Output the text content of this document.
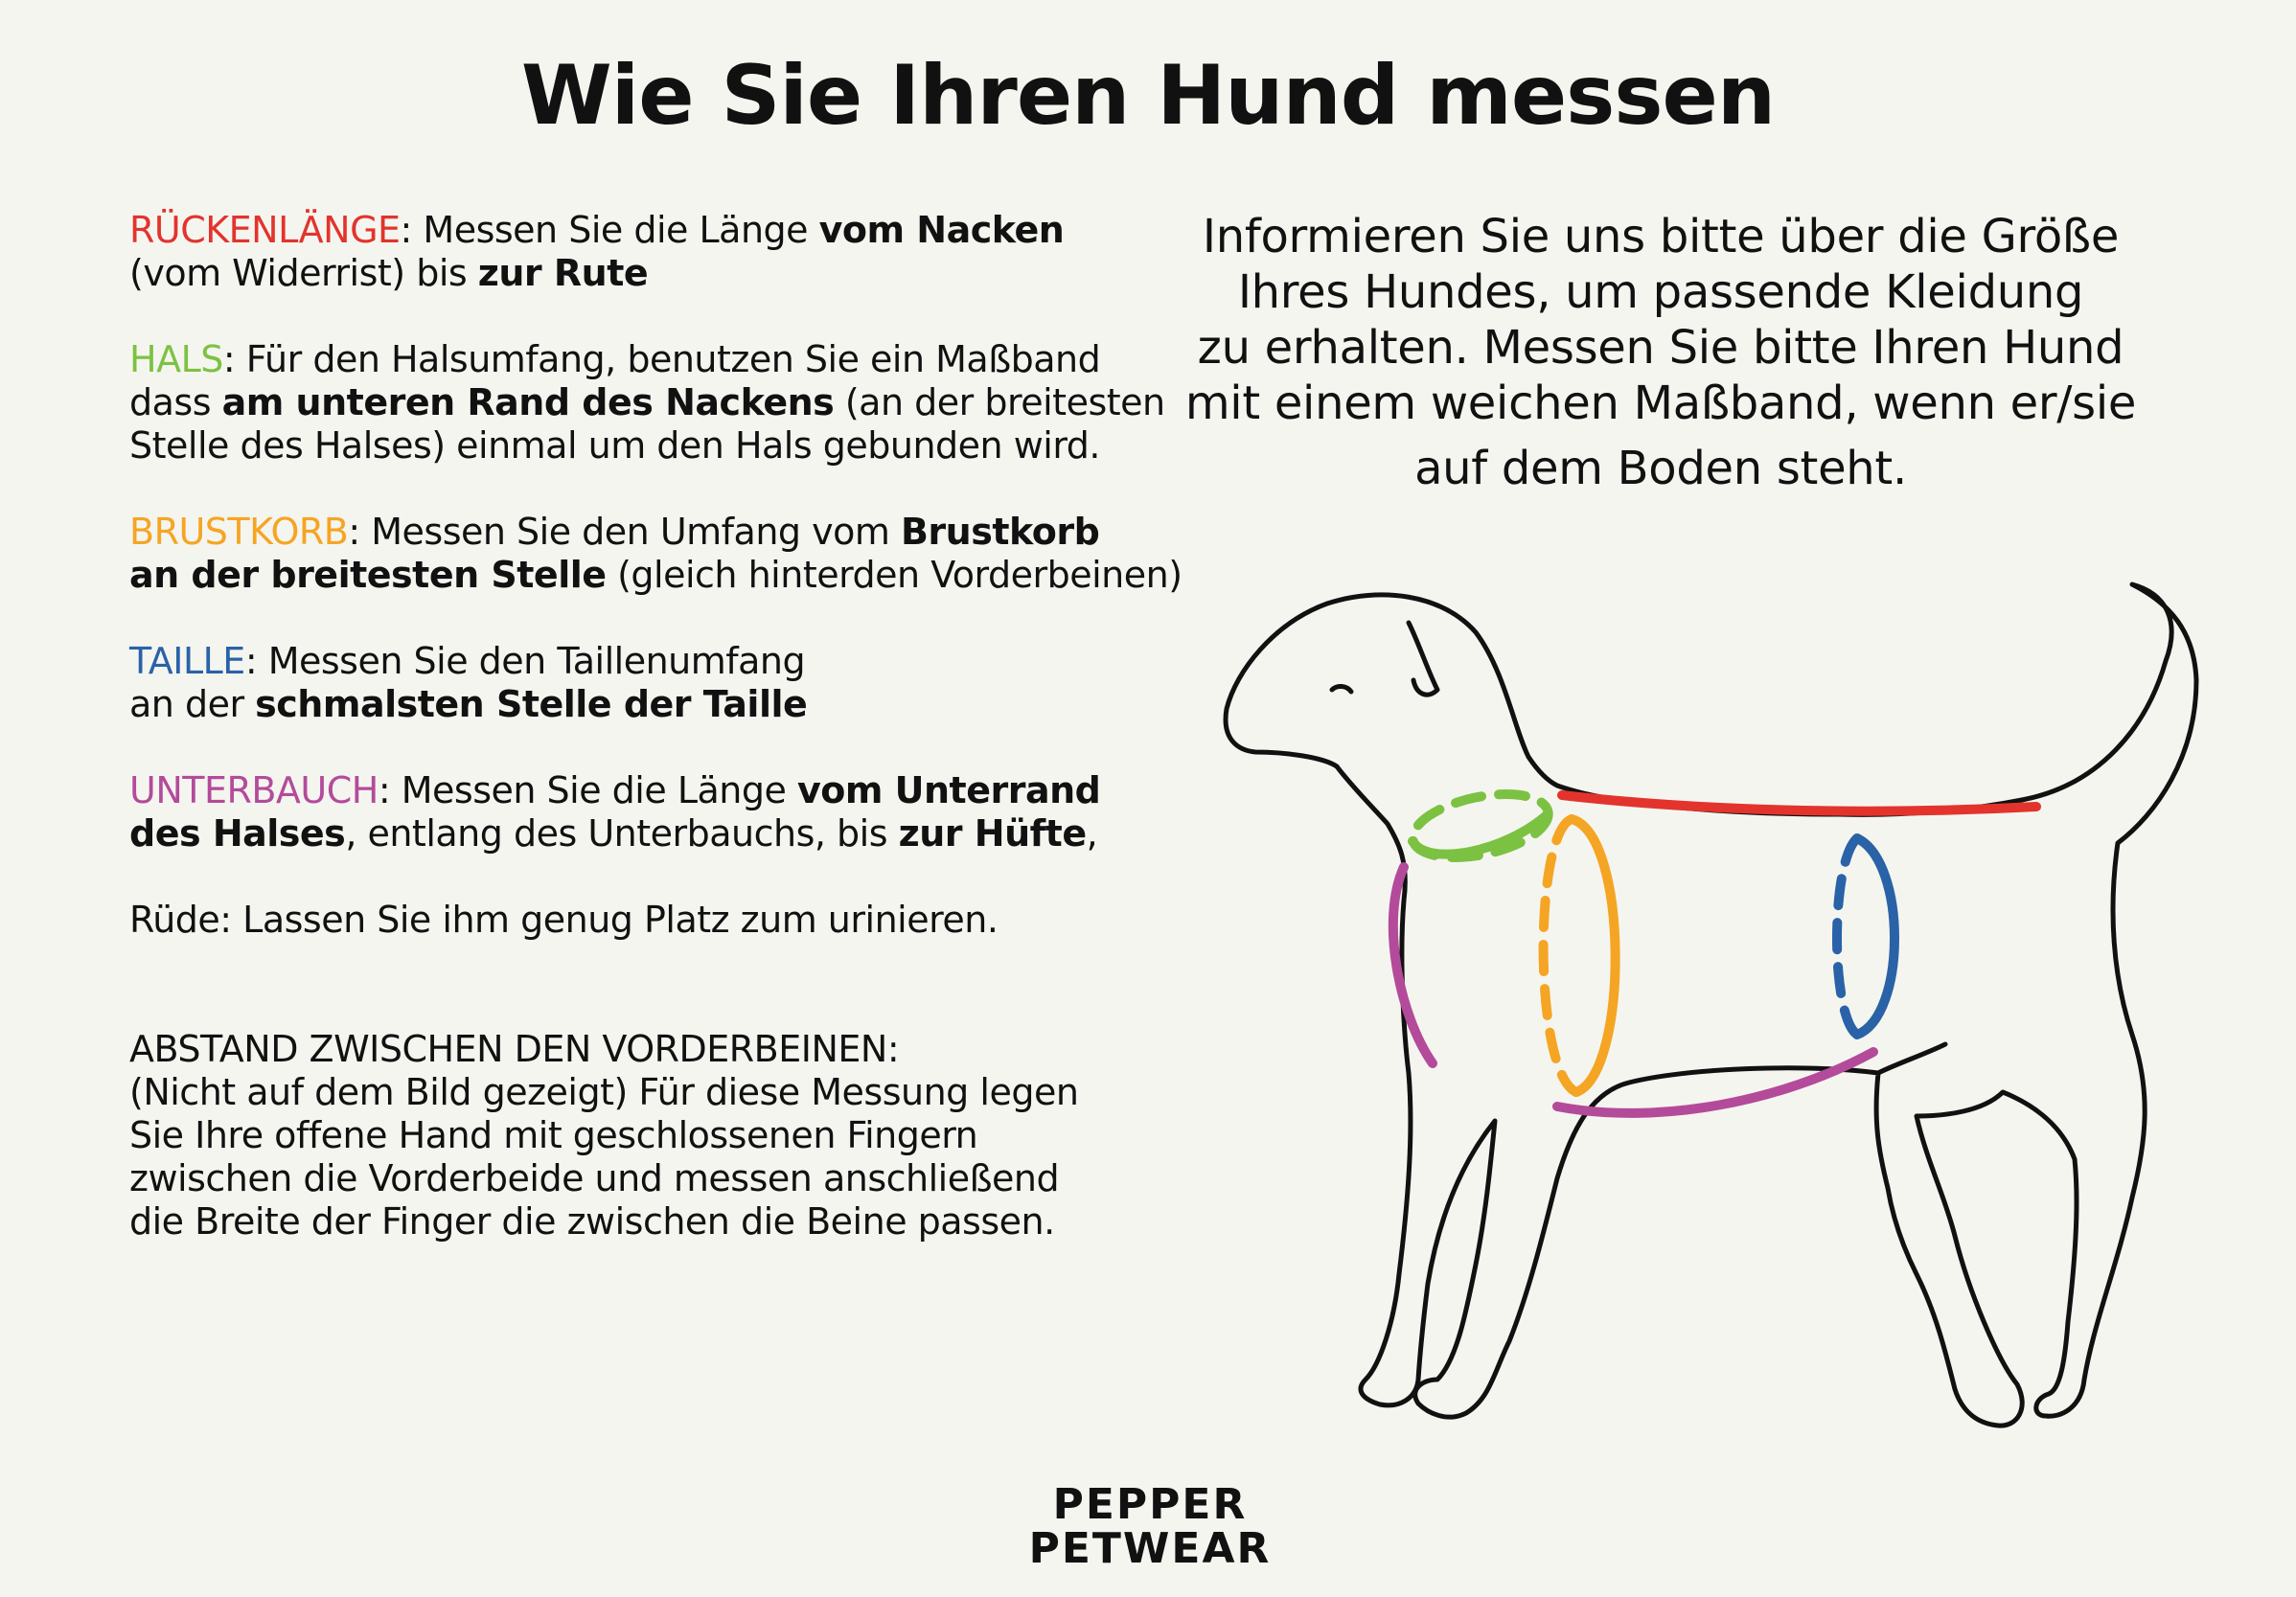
Wie Sie Ihren Hund messen

RÜCKENLÄNGE: Messen Sie die Länge vom Nacken
(vom Widerrist) bis zur Rute

HALS: Für den Halsumfang, benutzen Sie ein Maßband
dass am unteren Rand des Nackens (an der breitesten
Stelle des Halses) einmal um den Hals gebunden wird.

BRUSTKORB: Messen Sie den Umfang vom Brustkorb
an der breitesten Stelle (gleich hinterden Vorderbeinen)

TAILLE: Messen Sie den Taillenumfang
an der schmalsten Stelle der Taille

UNTERBAUCH: Messen Sie die Länge vom Unterrand
des Halses, entlang des Unterbauchs, bis zur Hüfte,

Rüde: Lassen Sie ihm genug Platz zum urinieren.

ABSTAND ZWISCHEN DEN VORDERBEINEN:
(Nicht auf dem Bild gezeigt) Für diese Messung legen
Sie Ihre offene Hand mit geschlossenen Fingern
zwischen die Vorderbeide und messen anschließend
die Breite der Finger die zwischen die Beine passen.

Informieren Sie uns bitte über die Größe
Ihres Hundes, um passende Kleidung
zu erhalten. Messen Sie bitte Ihren Hund
mit einem weichen Maßband, wenn er/sie
auf dem Boden steht.
PEPPER
PETWEAR
